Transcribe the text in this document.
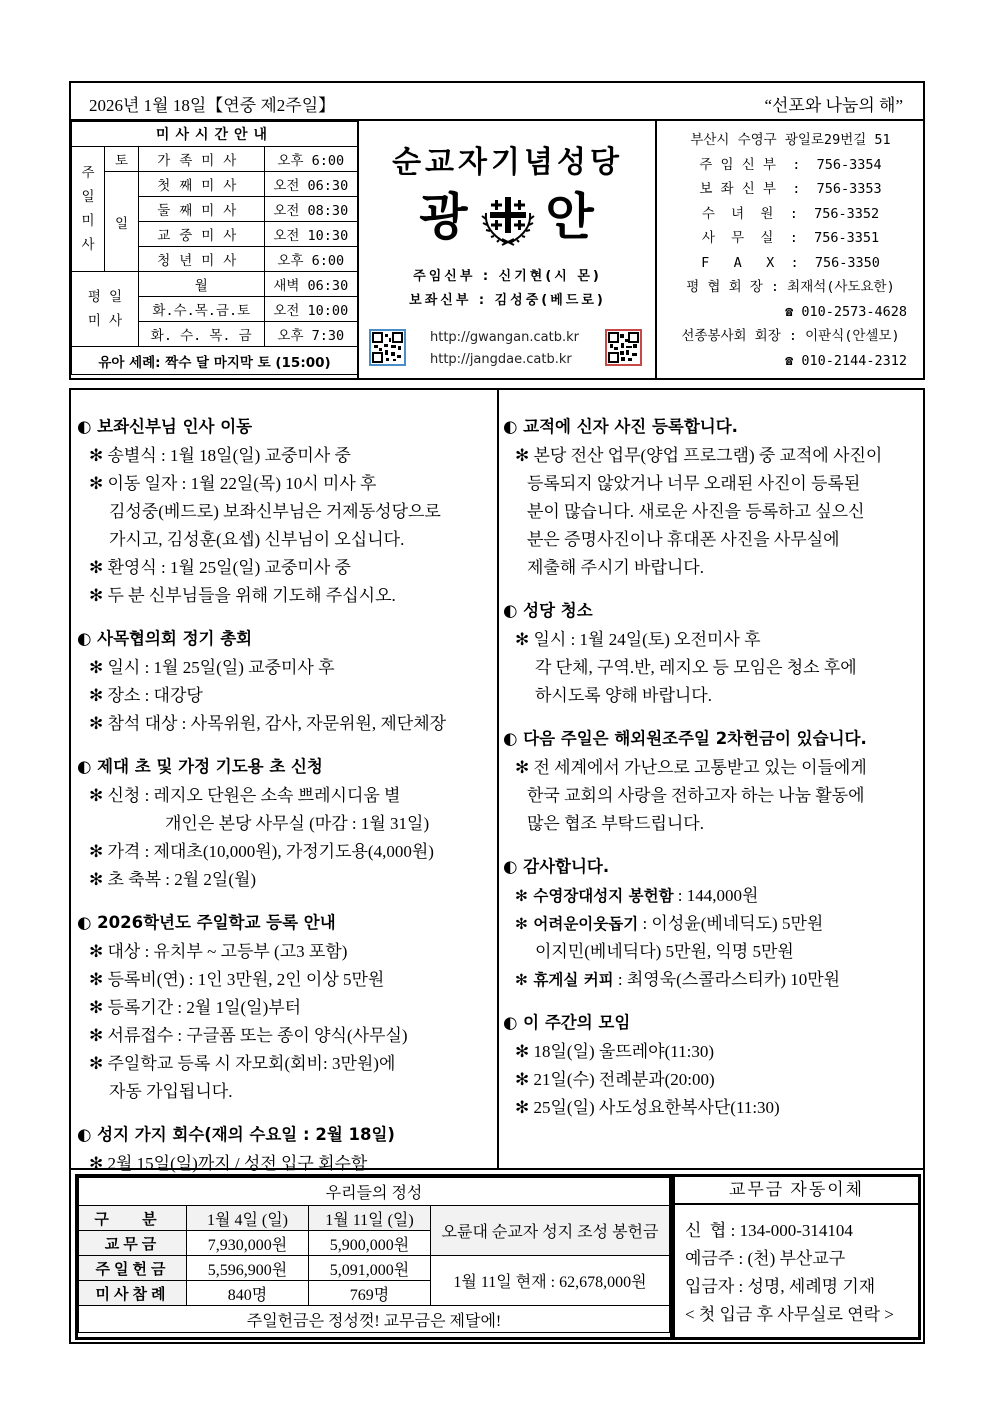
2026년 1월 18일【연중 제2주일】	“선포와 나눔의 해”
미사시간안내			
주
일
미
사	토	가족미사	오후 6:00
	일	첫째미사	오전 06:30
		둘째미사	오전 08:30
		교중미사	오전 10:30
		청년미사	오후 6:00
평 일
미 사		월	새벽 06:30
		화.수.목.금.토	오전 10:00
		화. 수. 목. 금	오후 7:30
유아 세례: 짝수 달 마지막 토 (15:00)			
순교자기념성당
광 안
주임신부 : 신기현(시 몬)
보좌신부 : 김성중(베드로)
http://gwangan.catb.kr
http://jangdae.catb.kr
부산시 수영구 광일로29번길 51
주 임 신 부  :  756-3354
보 좌 신 부  :  756-3353
수  녀  원  :  756-3352
사  무  실  :  756-3351
F   A   X  :  756-3350
평 협 회 장 : 최재석(사도요한)
☎ 010-2573-4628
선종봉사회 회장 : 이판식(안셀모)
☎ 010-2144-2312
◐ 보좌신부님 인사 이동
✻ 송별식 : 1월 18일(일) 교중미사 중
✻ 이동 일자 : 1월 22일(목) 10시 미사 후
김성중(베드로) 보좌신부님은 거제동성당으로
가시고, 김성훈(요셉) 신부님이 오십니다.
✻ 환영식 : 1월 25일(일) 교중미사 중
✻ 두 분 신부님들을 위해 기도해 주십시오.
◐ 사목협의회 정기 총회
✻ 일시 : 1월 25일(일) 교중미사 후
✻ 장소 : 대강당
✻ 참석 대상 : 사목위원, 감사, 자문위원, 제단체장
◐ 제대 초 및 가정 기도용 초 신청
✻ 신청 : 레지오 단원은 소속 쁘레시디움 별
개인은 본당 사무실 (마감 : 1월 31일)
✻ 가격 : 제대초(10,000원), 가정기도용(4,000원)
✻ 초 축복 : 2월 2일(월)
◐ 2026학년도 주일학교 등록 안내
✻ 대상 : 유치부 ~ 고등부 (고3 포함)
✻ 등록비(연) : 1인 3만원, 2인 이상 5만원
✻ 등록기간 : 2월 1일(일)부터
✻ 서류접수 : 구글폼 또는 종이 양식(사무실)
✻ 주일학교 등록 시 자모회(회비: 3만원)에
자동 가입됩니다.
◐ 성지 가지 회수(재의 수요일 : 2월 18일)
✻ 2월 15일(일)까지 / 성전 입구 회수함
◐ 교적에 신자 사진 등록합니다.
✻ 본당 전산 업무(양업 프로그램) 중 교적에 사진이
등록되지 않았거나 너무 오래된 사진이 등록된
분이 많습니다. 새로운 사진을 등록하고 싶으신
분은 증명사진이나 휴대폰 사진을 사무실에
제출해 주시기 바랍니다.
◐ 성당 청소
✻ 일시 : 1월 24일(토) 오전미사 후
각 단체, 구역.반, 레지오 등 모임은 청소 후에
하시도록 양해 바랍니다.
◐ 다음 주일은 해외원조주일 2차헌금이 있습니다.
✻ 전 세계에서 가난으로 고통받고 있는 이들에게
한국 교회의 사랑을 전하고자 하는 나눔 활동에
많은 협조 부탁드립니다.
◐ 감사합니다.
✻ 수영장대성지 봉헌함 : 144,000원
✻ 어려운이웃돕기 : 이성윤(베네딕도) 5만원
이지민(베네딕다) 5만원, 익명 5만원
✻ 휴게실 커피 : 최영욱(스콜라스티카) 10만원
◐ 이 주간의 모임
✻ 18일(일) 울뜨레야(11:30)
✻ 21일(수) 전례분과(20:00)
✻ 25일(일) 사도성요한복사단(11:30)
우리들의 정성			
구 분	1월 4일 (일)	1월 11일 (일)	오륜대 순교자 성지 조성 봉헌금
교무금	7,930,000원	5,900,000원	
주일헌금	5,596,900원	5,091,000원	1월 11일 현재 : 62,678,000원
미사참례	840명	769명	
주일헌금은 정성껏! 교무금은 제달에!			
교무금 자동이체
신  협 : 134-000-314104
예금주 : (천) 부산교구
입금자 : 성명, 세례명 기재
< 첫 입금 후 사무실로 연락 >
